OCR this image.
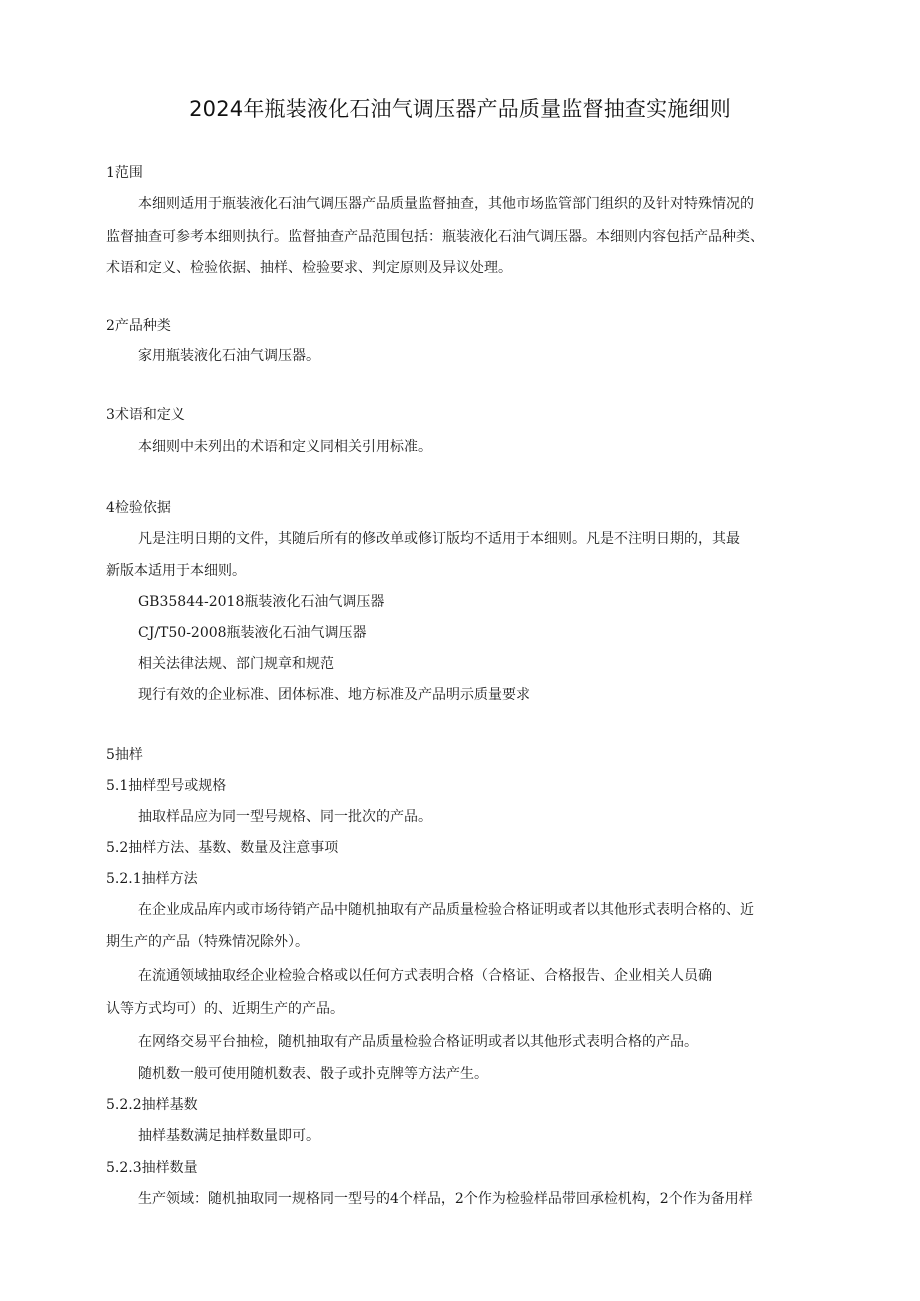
2024年瓶装液化石油气调压器产品质量监督抽查实施细则
1范围
本细则适用于瓶装液化石油气调压器产品质量监督抽查，其他市场监管部门组织的及针对特殊情况的
监督抽查可参考本细则执行。监督抽查产品范围包括：瓶装液化石油气调压器。本细则内容包括产品种类、
术语和定义、检验依据、抽样、检验要求、判定原则及异议处理。
2产品种类
家用瓶装液化石油气调压器。
3术语和定义
本细则中未列出的术语和定义同相关引用标准。
4检验依据
凡是注明日期的文件，其随后所有的修改单或修订版均不适用于本细则。凡是不注明日期的，其最
新版本适用于本细则。
GB35844-2018瓶装液化石油气调压器
CJ/T50-2008瓶装液化石油气调压器
相关法律法规、部门规章和规范
现行有效的企业标准、团体标准、地方标准及产品明示质量要求
5抽样
5.1抽样型号或规格
抽取样品应为同一型号规格、同一批次的产品。
5.2抽样方法、基数、数量及注意事项
5.2.1抽样方法
在企业成品库内或市场待销产品中随机抽取有产品质量检验合格证明或者以其他形式表明合格的、近
期生产的产品（特殊情况除外）。
在流通领域抽取经企业检验合格或以任何方式表明合格（合格证、合格报告、企业相关人员确
认等方式均可）的、近期生产的产品。
在网络交易平台抽检，随机抽取有产品质量检验合格证明或者以其他形式表明合格的产品。
随机数一般可使用随机数表、骰子或扑克牌等方法产生。
5.2.2抽样基数
抽样基数满足抽样数量即可。
5.2.3抽样数量
生产领域：随机抽取同一规格同一型号的4个样品，2个作为检验样品带回承检机构，2个作为备用样
